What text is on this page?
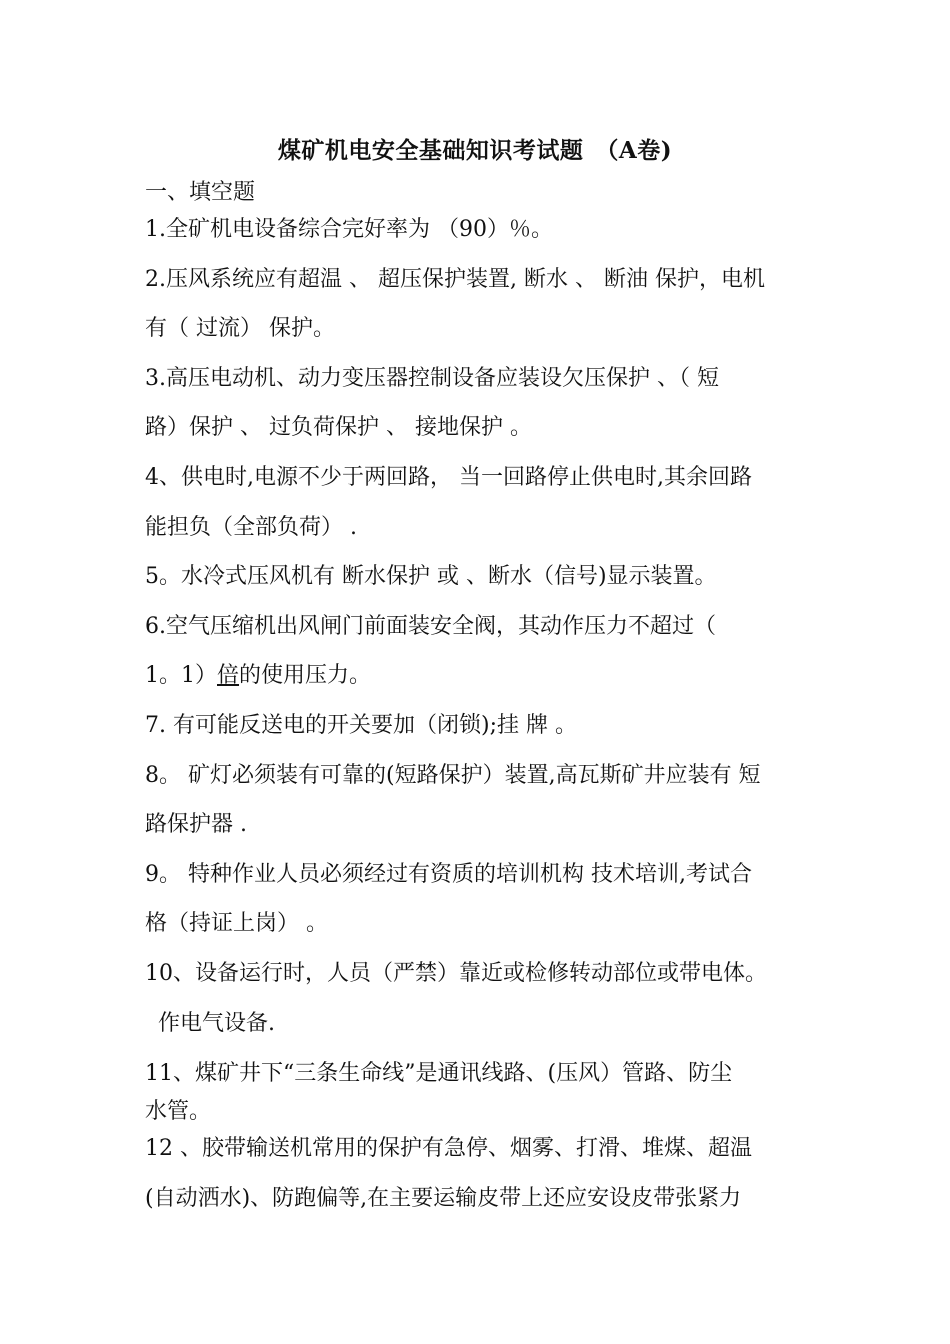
煤矿机电安全基础知识考试题　（A卷)
一、填空题
1.全矿机电设备综合完好率为 （90）％。
2.压风系统应有超温 、 超压保护装置, 断水 、 断油 保护，电机
有（ 过流） 保护。
3.高压电动机、动力变压器控制设备应装设欠压保护 、（ 短
路）保护 、 过负荷保护 、 接地保护 。
4、供电时,电源不少于两回路， 当一回路停止供电时,其余回路
能担负（全部负荷） .
5。水冷式压风机有 断水保护 或 、断水（信号)显示装置。
6.空气压缩机出风闸门前面装安全阀，其动作压力不超过（
1。1）倍的使用压力。
7. 有可能反送电的开关要加（闭锁);挂 牌 。
8。 矿灯必须装有可靠的(短路保护）装置,高瓦斯矿井应装有 短
路保护器 .
9。 特种作业人员必须经过有资质的培训机构 技术培训,考试合
格（持证上岗） 。
10、设备运行时，人员（严禁）靠近或检修转动部位或带电体。
作电气设备.
11、煤矿井下“三条生命线”是通讯线路、(压风）管路、防尘
水管。
12 、胶带输送机常用的保护有急停、烟雾、打滑、堆煤、超温
(自动洒水)、防跑偏等,在主要运输皮带上还应安设皮带张紧力
